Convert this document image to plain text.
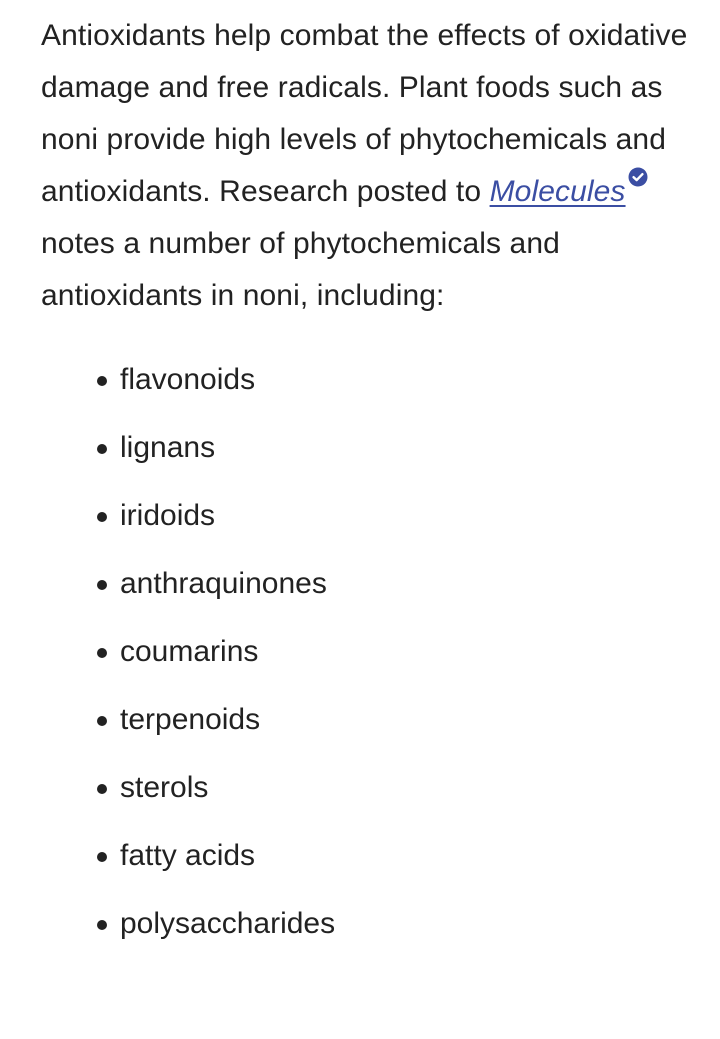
Antioxidants help combat the effects of oxidative damage and free radicals. Plant foods such as noni provide high levels of phytochemicals and antioxidants. Research posted to Molecules
notes a number of phytochemicals and antioxidants in noni, including:

flavonoids
lignans
iridoids
anthraquinones
coumarins
terpenoids
sterols
fatty acids
polysaccharides
